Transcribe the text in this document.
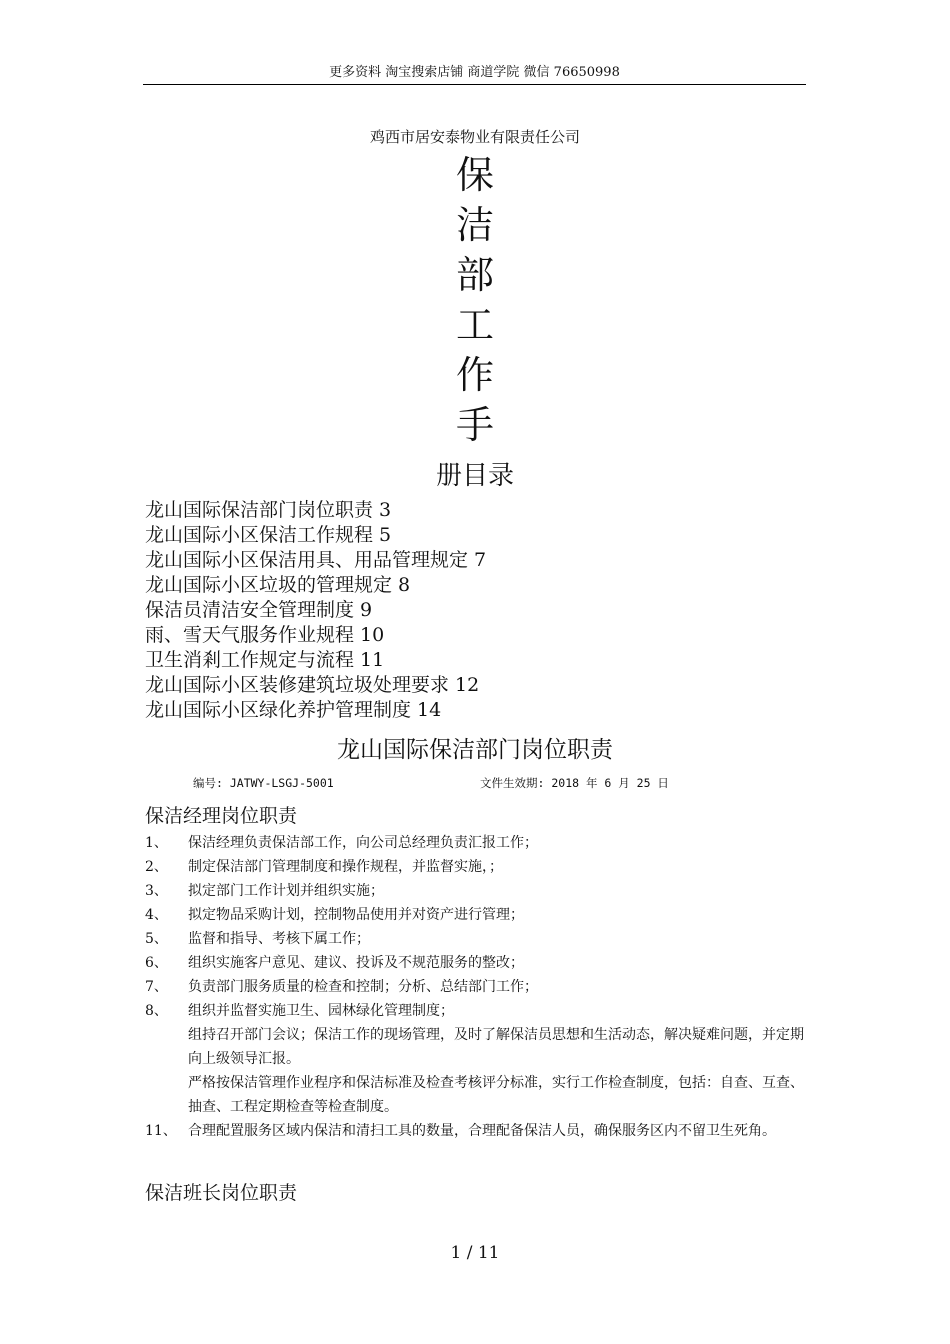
更多资料 淘宝搜索店铺 商道学院 微信 76650998
鸡西市居安泰物业有限责任公司
保
洁
部
工
作
手
册目录
龙山国际保洁部门岗位职责 3
龙山国际小区保洁工作规程 5
龙山国际小区保洁用具、用品管理规定 7
龙山国际小区垃圾的管理规定 8
保洁员清洁安全管理制度 9
雨、雪天气服务作业规程 10
卫生消剎工作规定与流程 11
龙山国际小区装修建筑垃圾处理要求 12
龙山国际小区绿化养护管理制度 14
龙山国际保洁部门岗位职责
编号: JATWY-LSGJ-5001	文件生效期: 2018 年 6 月 25 日
保洁经理岗位职责
1、	保洁经理负责保洁部工作，向公司总经理负责汇报工作；
2、	制定保洁部门管理制度和操作规程，并监督实施，；
3、	拟定部门工作计划并组织实施；
4、	拟定物品采购计划，控制物品使用并对资产进行管理；
5、	监督和指导、考核下属工作；
6、	组织实施客户意见、建议、投诉及不规范服务的整改；
7、	负责部门服务质量的检查和控制；分析、总结部门工作；
8、	组织并监督实施卫生、园林绿化管理制度；
组持召开部门会议；保洁工作的现场管理，及时了解保洁员思想和生活动态，解决疑难问题，并定期向上级领导汇报。
严格按保洁管理作业程序和保洁标准及检查考核评分标准，实行工作检查制度，包括：自查、互查、抽查、工程定期检查等检查制度。
11、 合理配置服务区域内保洁和清扫工具的数量，合理配备保洁人员，确保服务区内不留卫生死角。
保洁班长岗位职责
1 / 11
